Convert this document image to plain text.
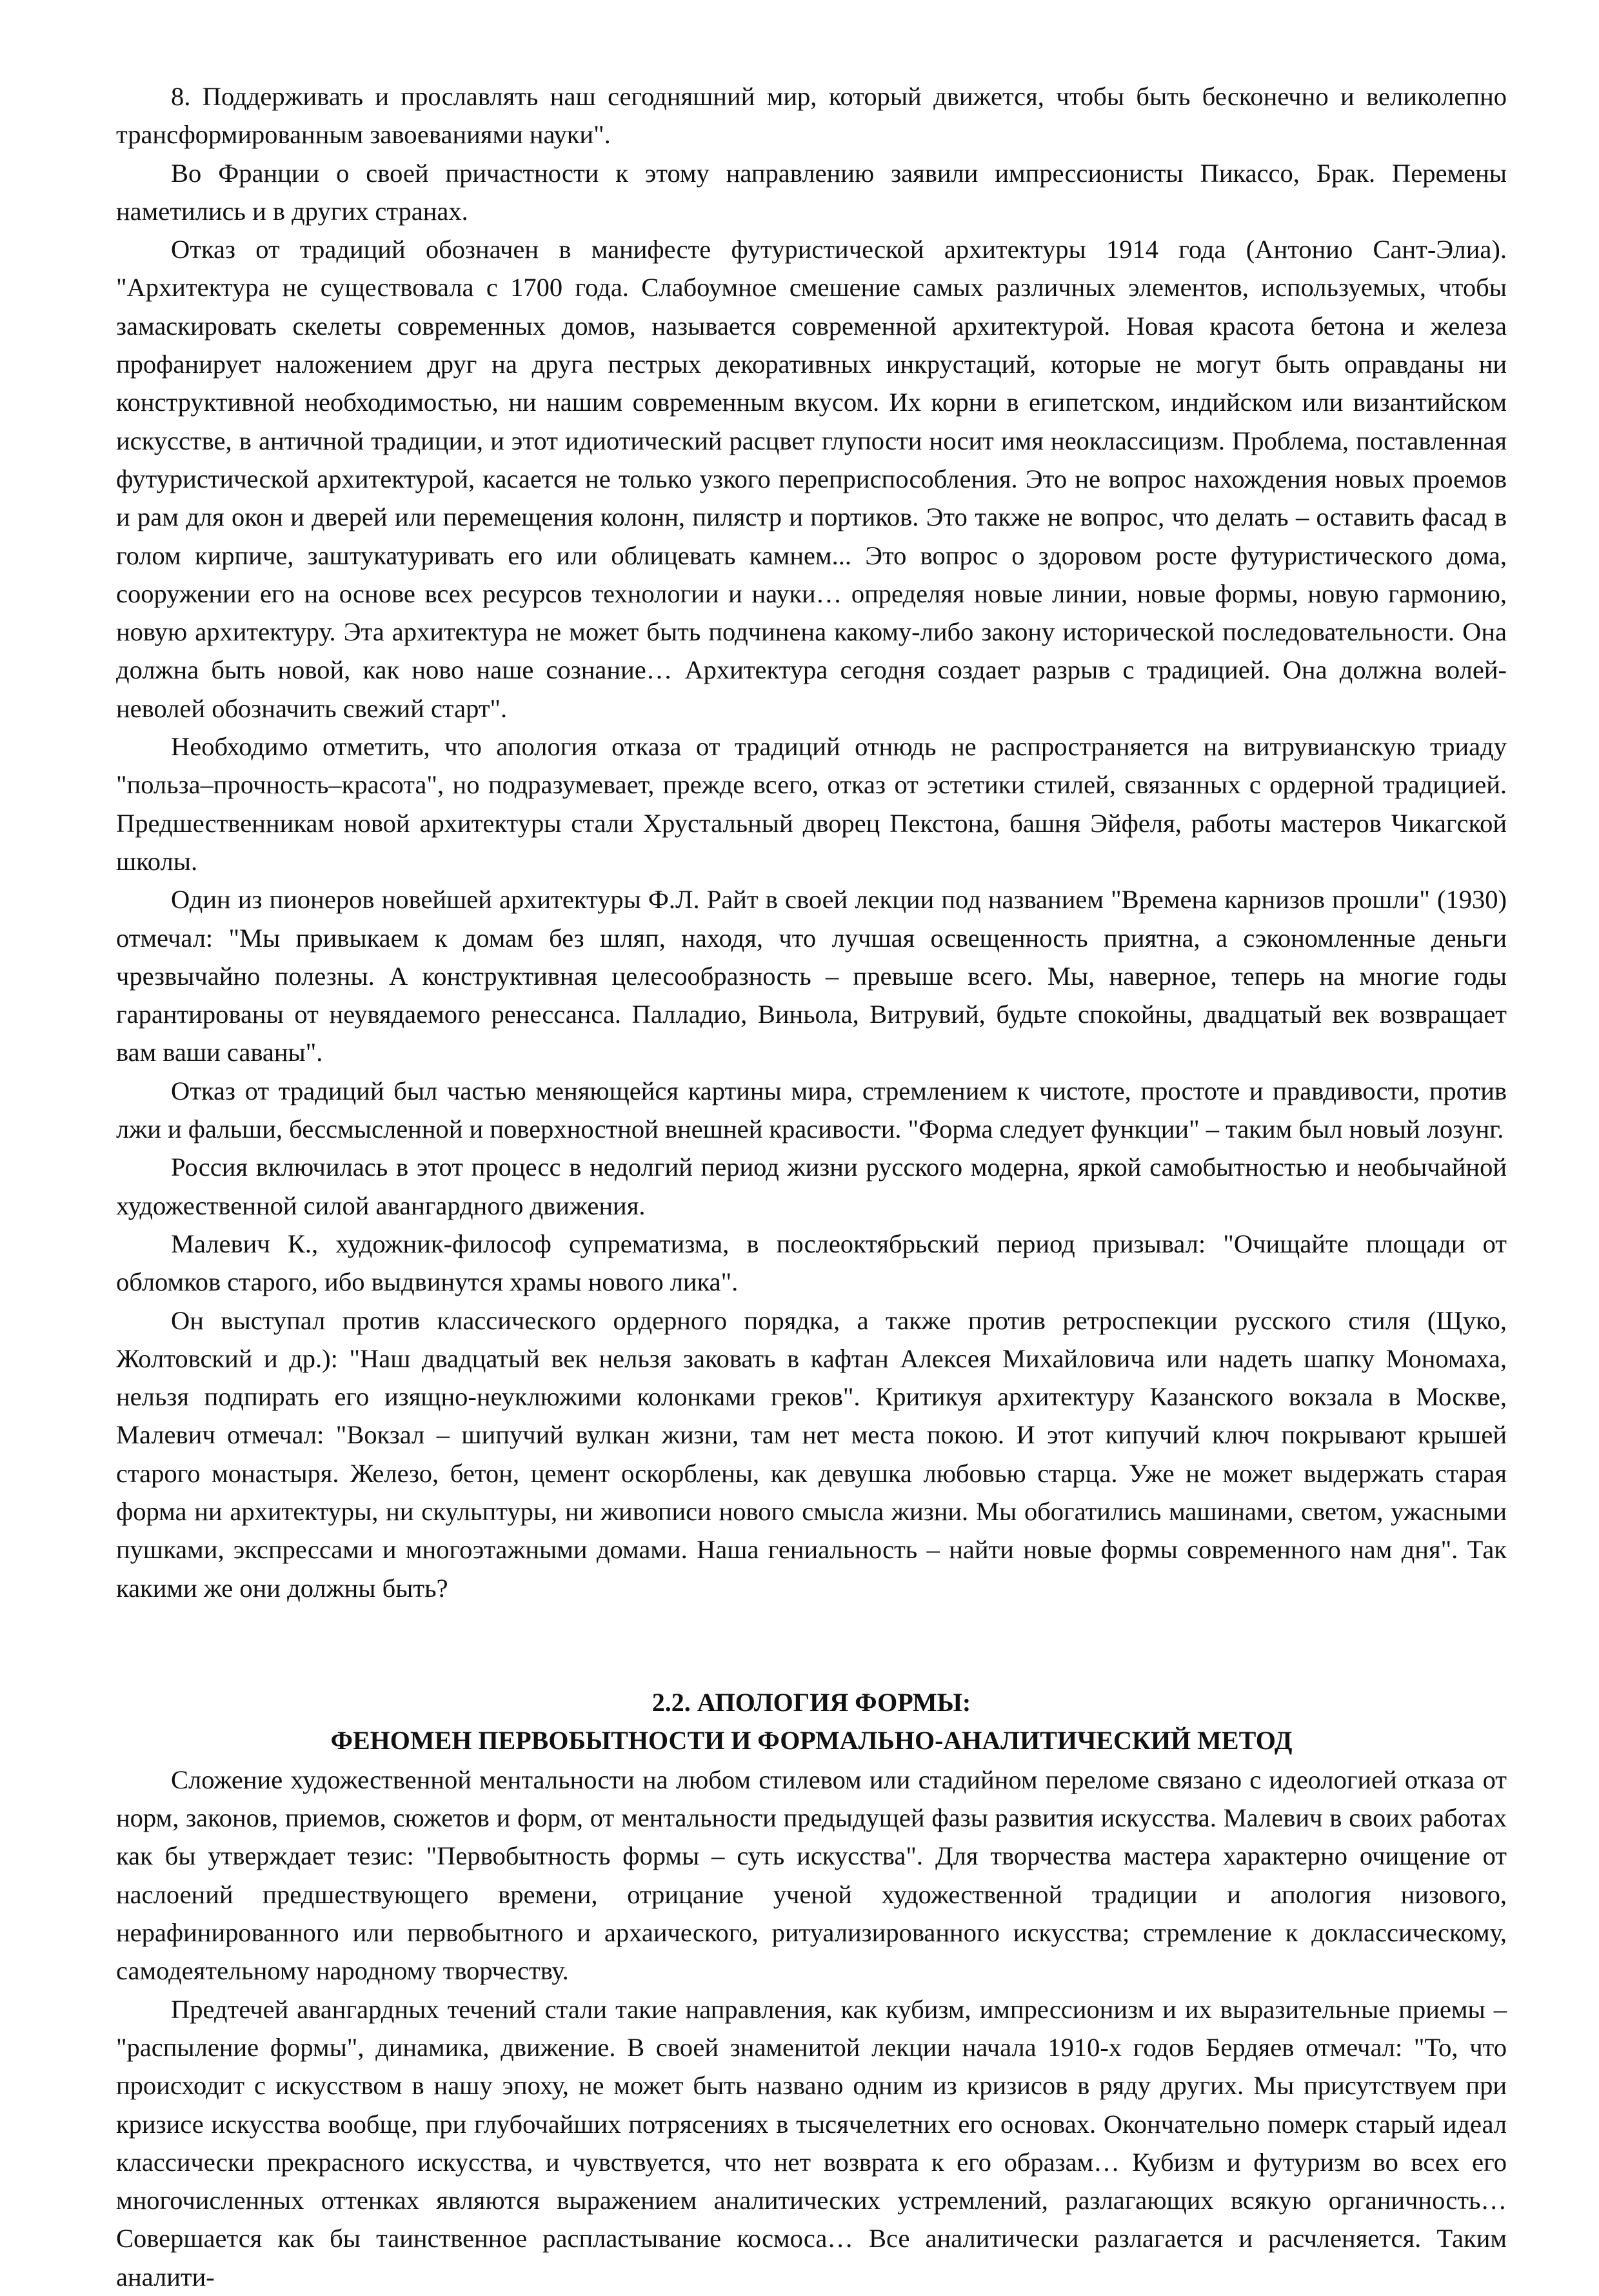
8. Поддерживать и прославлять наш сегодняшний мир, который движется, чтобы быть бесконечно и великолепно трансформированным завоеваниями науки".

Во Франции о своей причастности к этому направлению заявили импрессионисты Пикассо, Брак. Перемены наметились и в других странах.

Отказ от традиций обозначен в манифесте футуристической архитектуры 1914 года (Антонио Сант-Элиа). "Архитектура не существовала с 1700 года. Слабоумное смешение самых различных элементов, используемых, чтобы замаскировать скелеты современных домов, называется современной архитектурой. Новая красота бетона и железа профанирует наложением друг на друга пестрых декоративных инкрустаций, которые не могут быть оправданы ни конструктивной необходимостью, ни нашим современным вкусом. Их корни в египетском, индийском или византийском искусстве, в античной традиции, и этот идиотический расцвет глупости носит имя неоклассицизм. Проблема, поставленная футуристической архитектурой, касается не только узкого переприспособления. Это не вопрос нахождения новых проемов и рам для окон и дверей или перемещения колонн, пилястр и портиков. Это также не вопрос, что делать – оставить фасад в голом кирпиче, заштукатуривать его или облицевать камнем... Это вопрос о здоровом росте футуристического дома, сооружении его на основе всех ресурсов технологии и науки… определяя новые линии, новые формы, новую гармонию, новую архитектуру. Эта архитектура не может быть подчинена какому-либо закону исторической последовательности. Она должна быть новой, как ново наше сознание… Архитектура сегодня создает разрыв с традицией. Она должна волей-неволей обозначить свежий старт".

Необходимо отметить, что апология отказа от традиций отнюдь не распространяется на витрувианскую триаду "польза–прочность–красота", но подразумевает, прежде всего, отказ от эстетики стилей, связанных с ордерной традицией. Предшественникам новой архитектуры стали Хрустальный дворец Пекстона, башня Эйфеля, работы мастеров Чикагской школы.

Один из пионеров новейшей архитектуры Ф.Л. Райт в своей лекции под названием "Времена карнизов прошли" (1930) отмечал: "Мы привыкаем к домам без шляп, находя, что лучшая освещенность приятна, а сэкономленные деньги чрезвычайно полезны. А конструктивная целесообразность – превыше всего. Мы, наверное, теперь на многие годы гарантированы от неувядаемого ренессанса. Палладио, Виньола, Витрувий, будьте спокойны, двадцатый век возвращает вам ваши саваны".

Отказ от традиций был частью меняющейся картины мира, стремлением к чистоте, простоте и правдивости, против лжи и фальши, бессмысленной и поверхностной внешней красивости. "Форма следует функции" – таким был новый лозунг.

Россия включилась в этот процесс в недолгий период жизни русского модерна, яркой самобытностью и необычайной художественной силой авангардного движения.

Малевич К., художник-философ супрематизма, в послеоктябрьский период призывал: "Очищайте площади от обломков старого, ибо выдвинутся храмы нового лика".

Он выступал против классического ордерного порядка, а также против ретроспекции русского стиля (Щуко, Жолтовский и др.): "Наш двадцатый век нельзя заковать в кафтан Алексея Михайловича или надеть шапку Мономаха, нельзя подпирать его изящно-неуклюжими колонками греков". Критикуя архитектуру Казанского вокзала в Москве, Малевич отмечал: "Вокзал – шипучий вулкан жизни, там нет места покою. И этот кипучий ключ покрывают крышей старого монастыря. Железо, бетон, цемент оскорблены, как девушка любовью старца. Уже не может выдержать старая форма ни архитектуры, ни скульптуры, ни живописи нового смысла жизни. Мы обогатились машинами, светом, ужасными пушками, экспрессами и многоэтажными домами. Наша гениальность – найти новые формы современного нам дня". Так какими же они должны быть?

2.2. АПОЛОГИЯ ФОРМЫ:

ФЕНОМЕН ПЕРВОБЫТНОСТИ И ФОРМАЛЬНО-АНАЛИТИЧЕСКИЙ МЕТОД

Сложение художественной ментальности на любом стилевом или стадийном переломе связано с идеологией отказа от норм, законов, приемов, сюжетов и форм, от ментальности предыдущей фазы развития искусства. Малевич в своих работах как бы утверждает тезис: "Первобытность формы – суть искусства". Для творчества мастера характерно очищение от наслоений предшествующего времени, отрицание ученой художественной традиции и апология низового, нерафинированного или первобытного и архаического, ритуализированного искусства; стремление к доклассическому, самодеятельному народному творчеству.

Предтечей авангардных течений стали такие направления, как кубизм, импрессионизм и их выразительные приемы – "распыление формы", динамика, движение. В своей знаменитой лекции начала 1910-х годов Бердяев отмечал: "То, что происходит с искусством в нашу эпоху, не может быть названо одним из кризисов в ряду других. Мы присутствуем при кризисе искусства вообще, при глубочайших потрясениях в тысячелетних его основах. Окончательно померк старый идеал классически прекрасного искусства, и чувствуется, что нет возврата к его образам… Кубизм и футуризм во всех его многочисленных оттенках являются выражением аналитических устремлений, разлагающих всякую органичность… Совершается как бы таинственное распластывание космоса… Все аналитически разлагается и расчленяется. Таким аналити-
